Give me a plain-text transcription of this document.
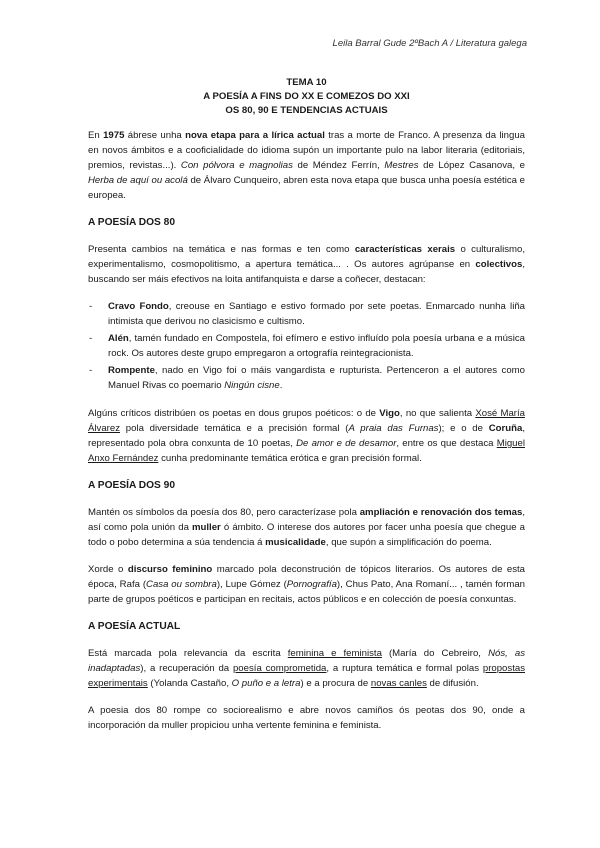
Leila Barral Gude 2ºBach A / Literatura galega
TEMA 10
A POESÍA A FINS DO XX E COMEZOS DO XXI
OS 80, 90 E TENDENCIAS ACTUAIS

En 1975 ábrese unha nova etapa para a lírica actual tras a morte de Franco. A presenza da lingua en novos ámbitos e a cooficialidade do idioma supón un importante pulo na labor literaria (editoriais, premios, revistas...). Con pólvora e magnolias de Méndez Ferrín, Mestres de López Casanova, e Herba de aquí ou acolá de Álvaro Cunqueiro, abren esta nova etapa que busca unha poesía estética e europea.

A POESÍA DOS 80

Presenta cambios na temática e nas formas e ten como características xerais o culturalismo, experimentalismo, cosmopolitismo, a apertura temática... . Os autores agrúpanse en colectivos, buscando ser máis efectivos na loita antifanquista e darse a coñecer, destacan:

- Cravo Fondo, creouse en Santiago e estivo formado por sete poetas. Enmarcado nunha liña intimista que derivou no clasicismo e cultismo.
- Alén, tamén fundado en Compostela, foi efímero e estivo influído pola poesía urbana e a música rock. Os autores deste grupo empregaron a ortografía reintegracionista.
- Rompente, nado en Vigo foi o máis vangardista e rupturista. Pertenceron a el autores como Manuel Rivas co poemario Ningún cisne.

Algúns críticos distribúen os poetas en dous grupos poéticos: o de Vigo, no que salienta Xosé María Álvarez pola diversidade temática e a precisión formal (A praia das Furnas); e o de Coruña, representado pola obra conxunta de 10 poetas, De amor e de desamor, entre os que destaca Miguel Anxo Fernández cunha predominante temática erótica e gran precisión formal.

A POESÍA DOS 90

Mantén os símbolos da poesía dos 80, pero caracterízase pola ampliación e renovación dos temas, así como pola unión da muller ó ámbito. O interese dos autores por facer unha poesía que chegue a todo o pobo determina a súa tendencia á musicalidade, que supón a simplificación do poema.

Xorde o discurso feminino marcado pola deconstrución de tópicos literarios. Os autores de esta época, Rafa (Casa ou sombra), Lupe Gómez (Pornografía), Chus Pato, Ana Romaní... , tamén forman parte de grupos poéticos e participan en recitais, actos públicos e en colección de poesía conxuntas.

A POESÍA ACTUAL

Está marcada pola relevancia da escrita feminina e feminista (María do Cebreiro, Nós, as inadaptadas), a recuperación da poesía comprometida, a ruptura temática e formal polas propostas experimentais (Yolanda Castaño, O puño e a letra) e a procura de novas canles de difusión.

A poesia dos 80 rompe co sociorealismo e abre novos camiños ós peotas dos 90, onde a incorporación da muller propiciou unha vertente feminina e feminista.
